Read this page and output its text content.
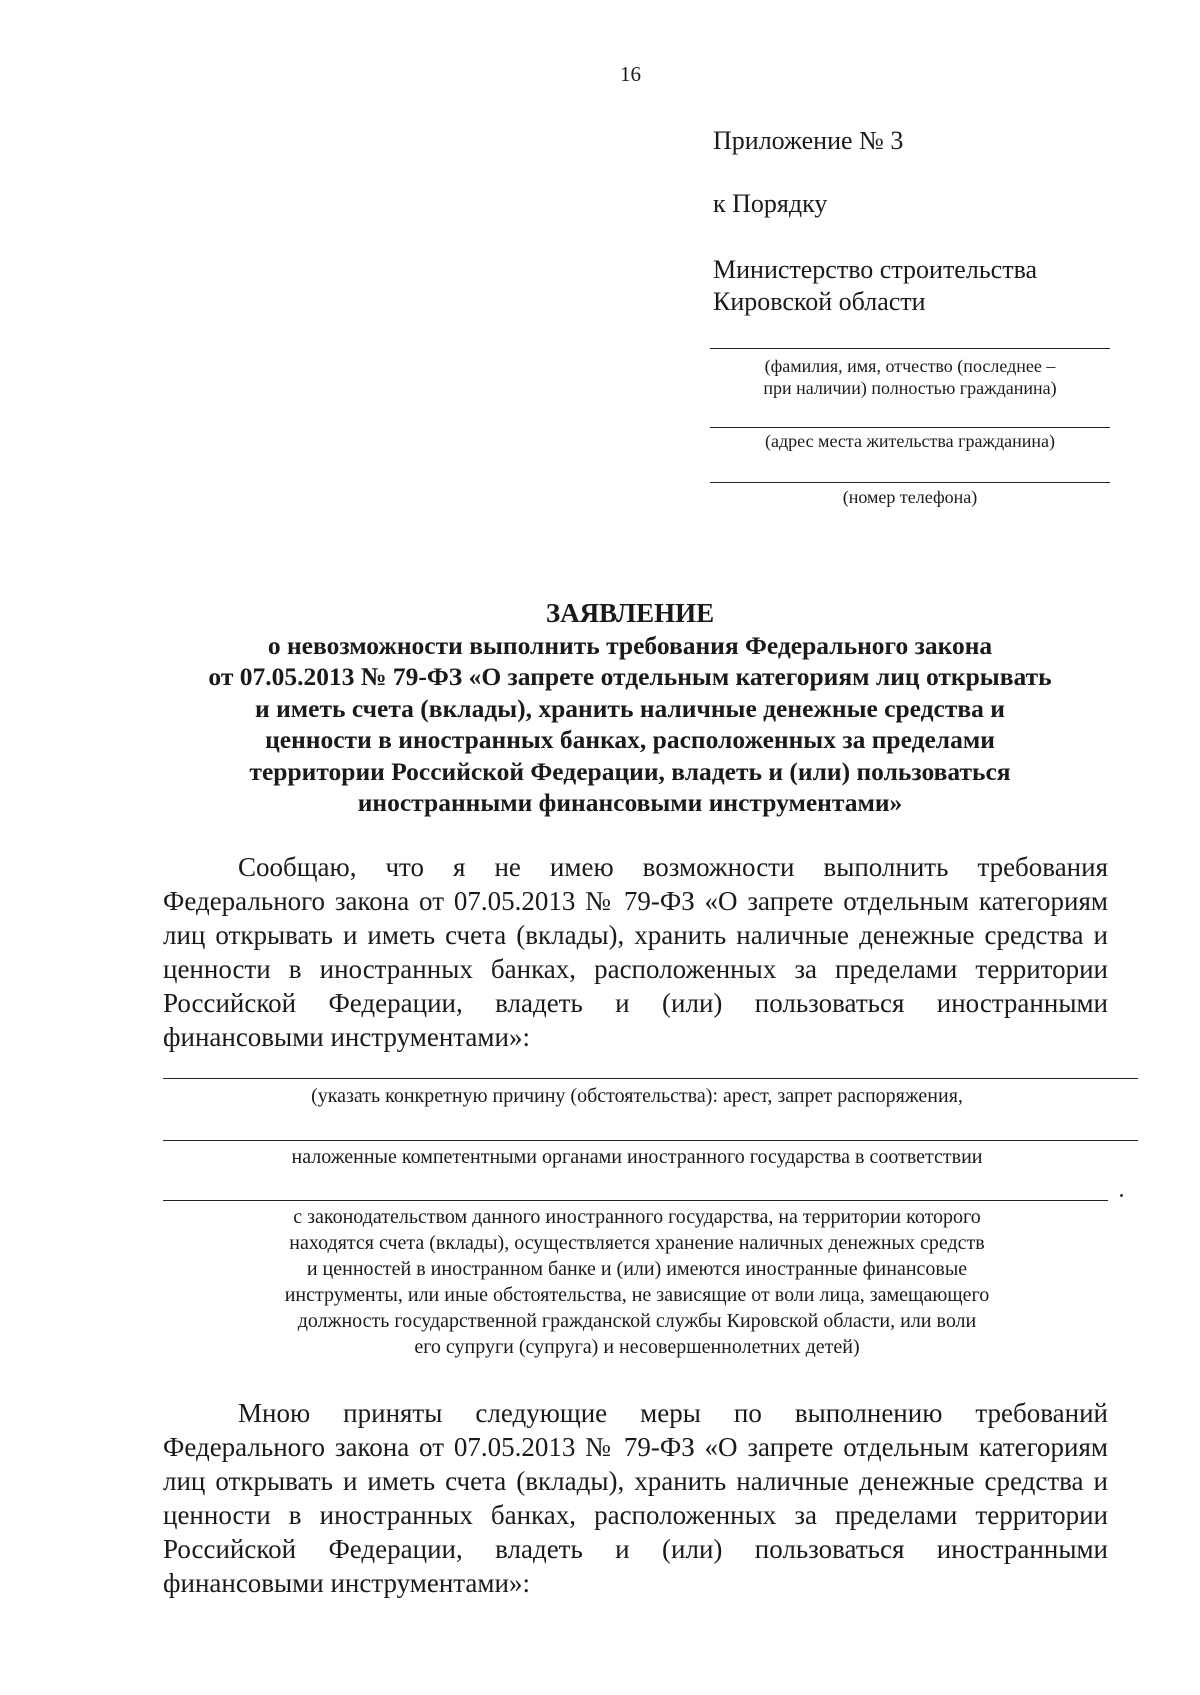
16
Приложение № 3
к Порядку
Министерство строительства
Кировской области
(фамилия, имя, отчество (последнее –
при наличии) полностью гражданина)
(адрес места жительства гражданина)
(номер телефона)
ЗАЯВЛЕНИЕ
о невозможности выполнить требования Федерального закона
от 07.05.2013 № 79-ФЗ «О запрете отдельным категориям лиц открывать
и иметь счета (вклады), хранить наличные денежные средства и
ценности в иностранных банках, расположенных за пределами
территории Российской Федерации, владеть и (или) пользоваться
иностранными финансовыми инструментами»
Сообщаю, что я не имею возможности выполнить требования Федерального закона от 07.05.2013 № 79-ФЗ «О запрете отдельным категориям лиц открывать и иметь счета (вклады), хранить наличные денежные средства и ценности в иностранных банках, расположенных за пределами территории Российской Федерации, владеть и (или) пользоваться иностранными финансовыми инструментами»:
(указать конкретную причину (обстоятельства): арест, запрет распоряжения,
наложенные компетентными органами иностранного государства в соответствии
с законодательством данного иностранного государства, на территории которого
находятся счета (вклады), осуществляется хранение наличных денежных средств
и ценностей в иностранном банке и (или) имеются иностранные финансовые
инструменты, или иные обстоятельства, не зависящие от воли лица, замещающего
должность государственной гражданской службы Кировской области, или воли
его супруги (супруга) и несовершеннолетних детей)
Мною приняты следующие меры по выполнению требований Федерального закона от 07.05.2013 № 79-ФЗ «О запрете отдельным категориям лиц открывать и иметь счета (вклады), хранить наличные денежные средства и ценности в иностранных банках, расположенных за пределами территории Российской Федерации, владеть и (или) пользоваться иностранными финансовыми инструментами»:
